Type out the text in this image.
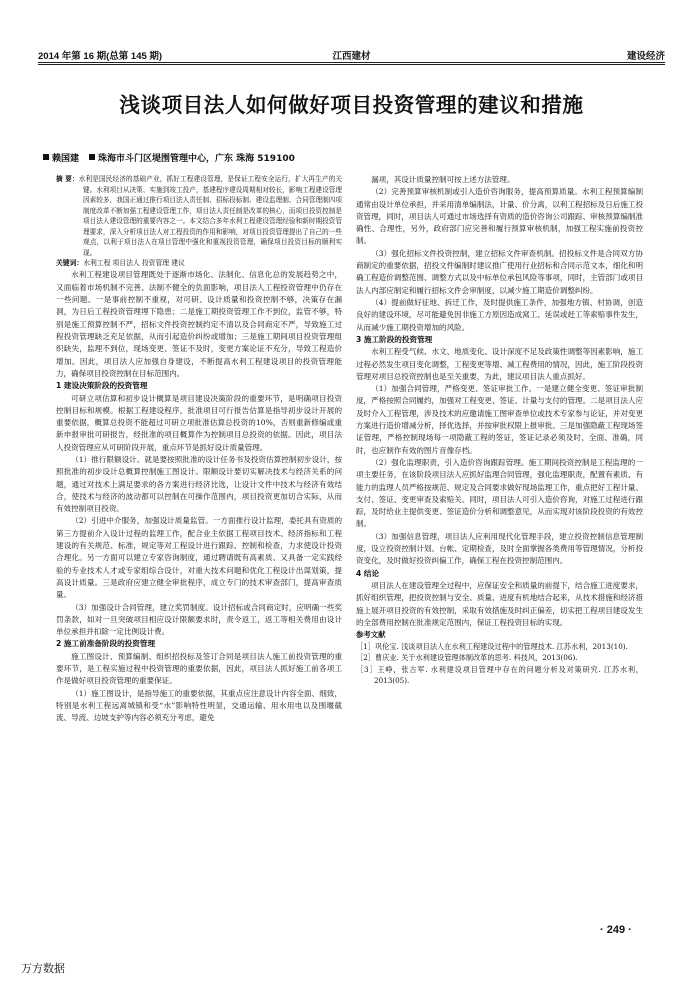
2014 年第 16 期(总第 145 期)	江西建材	建设经济
浅谈项目法人如何做好项目投资管理的建议和措施
赖国建 珠海市斗门区堤围管理中心，广东 珠海 519100

摘 要：水利是国民经济的基础产业，抓好工程建设管理，是保证工程安全运行，扩大再生产的关键。水利项目从决策、实施到竣工投产，基建程序建设周期相对较长，影响工程建设管理因素较多，我国正通过推行项目法人责任制、招标投标制、建设监理制、合同管理制四项制度改革不断加强工程建设管理工作，项目法人责任制是改革的核心，而项目投资控制是项目法人建设管理的重要内容之一。本文结合多年水利工程建设管理经验和新时期投资管理要求，深入分析项目法人对工程投资的作用和影响，对项目投资管理提出了自己的一些观点，以利于项目法人在项目管理中强化和重视投资管理，确保项目投资目标的顺利实现。

关键词：水利工程 项目法人 投资管理 建议

水利工程建设项目管理既处于逐渐市场化、法制化、信息化总的发展趋势之中，又面临着市场机制不完善、法制不健全的负面影响，项目法人工程投资管理中仍存在一些问题。一是事前控制不重视，对可研、设计质量和投资控制不够，决策存在漏洞，为日后工程投资管理埋下隐患；二是施工期投资管理工作不到位，监管不够，特别是施工预算控制不严，招标文件投资控制约定不清以及合同商定不严，导致施工过程投资管理缺乏充足依据，从而引起造价纠纷或增加；三是施工期间项目投资管理组织缺失，监理不到位，现场变更、签证不及时，变更方案论证不充分，导致工程造价增加。因此，项目法人应加强自身建设，不断提高水利工程建设项目的投资管理能力，确保项目投资控制在目标范围内。

1 建设决策阶段的投资管理

可研立项估算和初步设计概算是项目建设决策阶段的重要环节，是明确项目投资控制目标和规模。根据工程建设程序，批准项目可行报告估算是指导初步设计开展的重要依据，概算总投资不能超过可研立项批准估算总投资的10%，否则重新修编或重新申报审批可研报告，经批准的项目概算作为控制项目总投资的依据。因此，项目法人投资管理应从可研阶段开展，重点环节是抓好设计质量管理。

（1）推行限额设计。就是要按照批准的设计任务书及投资估算控制初步设计，按照批准的初步设计总概算控制施工图设计。限额设计要切实解决技术与经济关系的问题，通过对技术上满足要求的各方案进行经济比选，让设计文件中技术与经济有效结合，使技术与经济的波动都可以控制在可操作范围内，项目投资更加切合实际，从而有效控制项目投资。

（2）引进中介服务，加强设计质量监管。一方面推行设计监理，委托具有资质的第三方提前介入设计过程的监理工作，配合业主依据工程项目技术、经济指标和工程建设的有关规范、标准，规定等对工程设计进行跟踪、控制和检查，力求使设计投资合理化。另一方面可以建立专家咨询制度，通过聘请既有高素质、又具备一定实践经验的专业技术人才或专家组综合设计，对重大技术问题和优化工程设计出谋划策，提高设计质量。三是政府应建立健全审批程序，成立专门的技术审查部门，提高审查质量。

（3）加强设计合同管理，建立奖罚制度。设计招标或合同商定时，应明确一些奖罚条款，如对一旦突破项目相应设计限额要求时，责令返工，返工等相关费用由设计单位承担并扣除一定比例设计费。

2 施工前准备阶段的投资管理

施工图设计、预算编制、组织招投标及签订合同是项目法人施工前投资管理的重要环节，是工程实施过程中投资管理的重要依据，因此，项目法人抓好施工前各项工作是做好项目投资管理的重要保证。

（1）施工图设计，是指导施工的重要依据，其重点应注意设计内容全面、细致，特别是水利工程远离城镇和受“水”影响特性明显，交通运输、用水用电以及围堰截流、导流、边坡支护等内容必须充分考虑，避免

漏项，其设计质量控制可按上述方法管理。

（2）完善预算审核机制或引入造价咨询服务，提高预算质量。水利工程预算编制通常由设计单位承担，并采用清单编制法，计量、价分离，以利工程招标及日后施工投资管理，同时，项目法人可通过市场选择有资质的造价咨询公司跟踪、审核预算编制准确性、合理性，另外，政府部门应完善和履行预算审核机制，加强工程实施前投资控制。

（3）强化招标文件投资控制，建立招标文件审查机制。招投标文件是合同双方协商制定的重要依据，招投文件编制时建议推广使用行业招标和合同示范文本，细化和明确工程造价调整范围、调整方式以及中标单位承包风险等事项，同时，主管部门或项目法人内部应制定和履行招标文件会审制度，以减少施工期造价调整纠纷。

（4）提前做好征地、拆迁工作，及时提供施工条件，加强地方镇、村协调，创造良好的建设环境，尽可能避免因非施工方原因造成窝工、延误或赶工等索赔事件发生，从而减少施工期投资增加的风险。

3 施工阶段的投资管理

水利工程受气候、水文、地质变化、设计深度不足及政策性调整等因素影响，施工过程必然发生项目变化调整，工程变更等增、减工程费用的情况，因此，施工阶段投资管理对项目总投资控制也是至关重要，为此，建议项目法人重点抓好。

（1）加强合同管理，严格变更、签证审批工作。一是建立健全变更、签证审批制度，严格按照合同履约，加强对工程变更、签证、计量与支付的管理。二是项目法人应及时介入工程管理，涉及技术的应邀请施工图审查单位或技术专家参与论证，并对变更方案进行造价增减分析，择优选择，并按审批权限上报审批。三是加强隐蔽工程现场签证管理，严格控制现场每一项隐蔽工程的签证，签证记录必须及时、全面、准确，同时，也应制作有效的图片音像存档。

（2）强化监理职责，引入造价咨询跟踪管理。施工期间投资控制是工程监理的一项主要任务，在该阶段项目法人应抓好监理合同管理，强化监理职责，配置有素质、有能力的监理人员严格按规范、规定及合同要求做好现场监理工作，重点把好工程计量、支付、签证、变更审查及索赔关。同时，项目法人可引入造价咨询，对施工过程进行跟踪，及时给业主提供变更、签证造价分析和调整意见，从而实现对该阶段投资的有效控制。

（3）加强信息管理，项目法人应利用现代化管理手段，建立投资控制信息管理制度，设立投资控制计划、台帐、定期检查，及时全面掌握各类费用等管理情况，分析投资变化，及时做好投资纠偏工作，确保工程在投资控制范围内。

4 结论

项目法人在建设管理全过程中，应保证安全和质量的前提下，结合施工进度要求，抓好组织管理，把投资控制与安全、质量、进度有机地结合起来，从技术措施和经济措施上展开项目投资的有效控制，采取有效措施及时纠正偏差，切实把工程项目建设发生的全部费用控制在批准规定范围内，保证工程投资目标的实现。

参考文献

［1］巩伦宝. 浅谈项目法人在水利工程建设过程中的管理技术. 江苏水利，2013(10).

［2］曹庆业. 关于水利建设管理体制改革的思考. 科技风，2013(06).

［3］王峥，张古军. 水利建设项目管理中存在的问题分析及对策研究. 江苏水利，2013(05).

· 249 ·
万方数据
